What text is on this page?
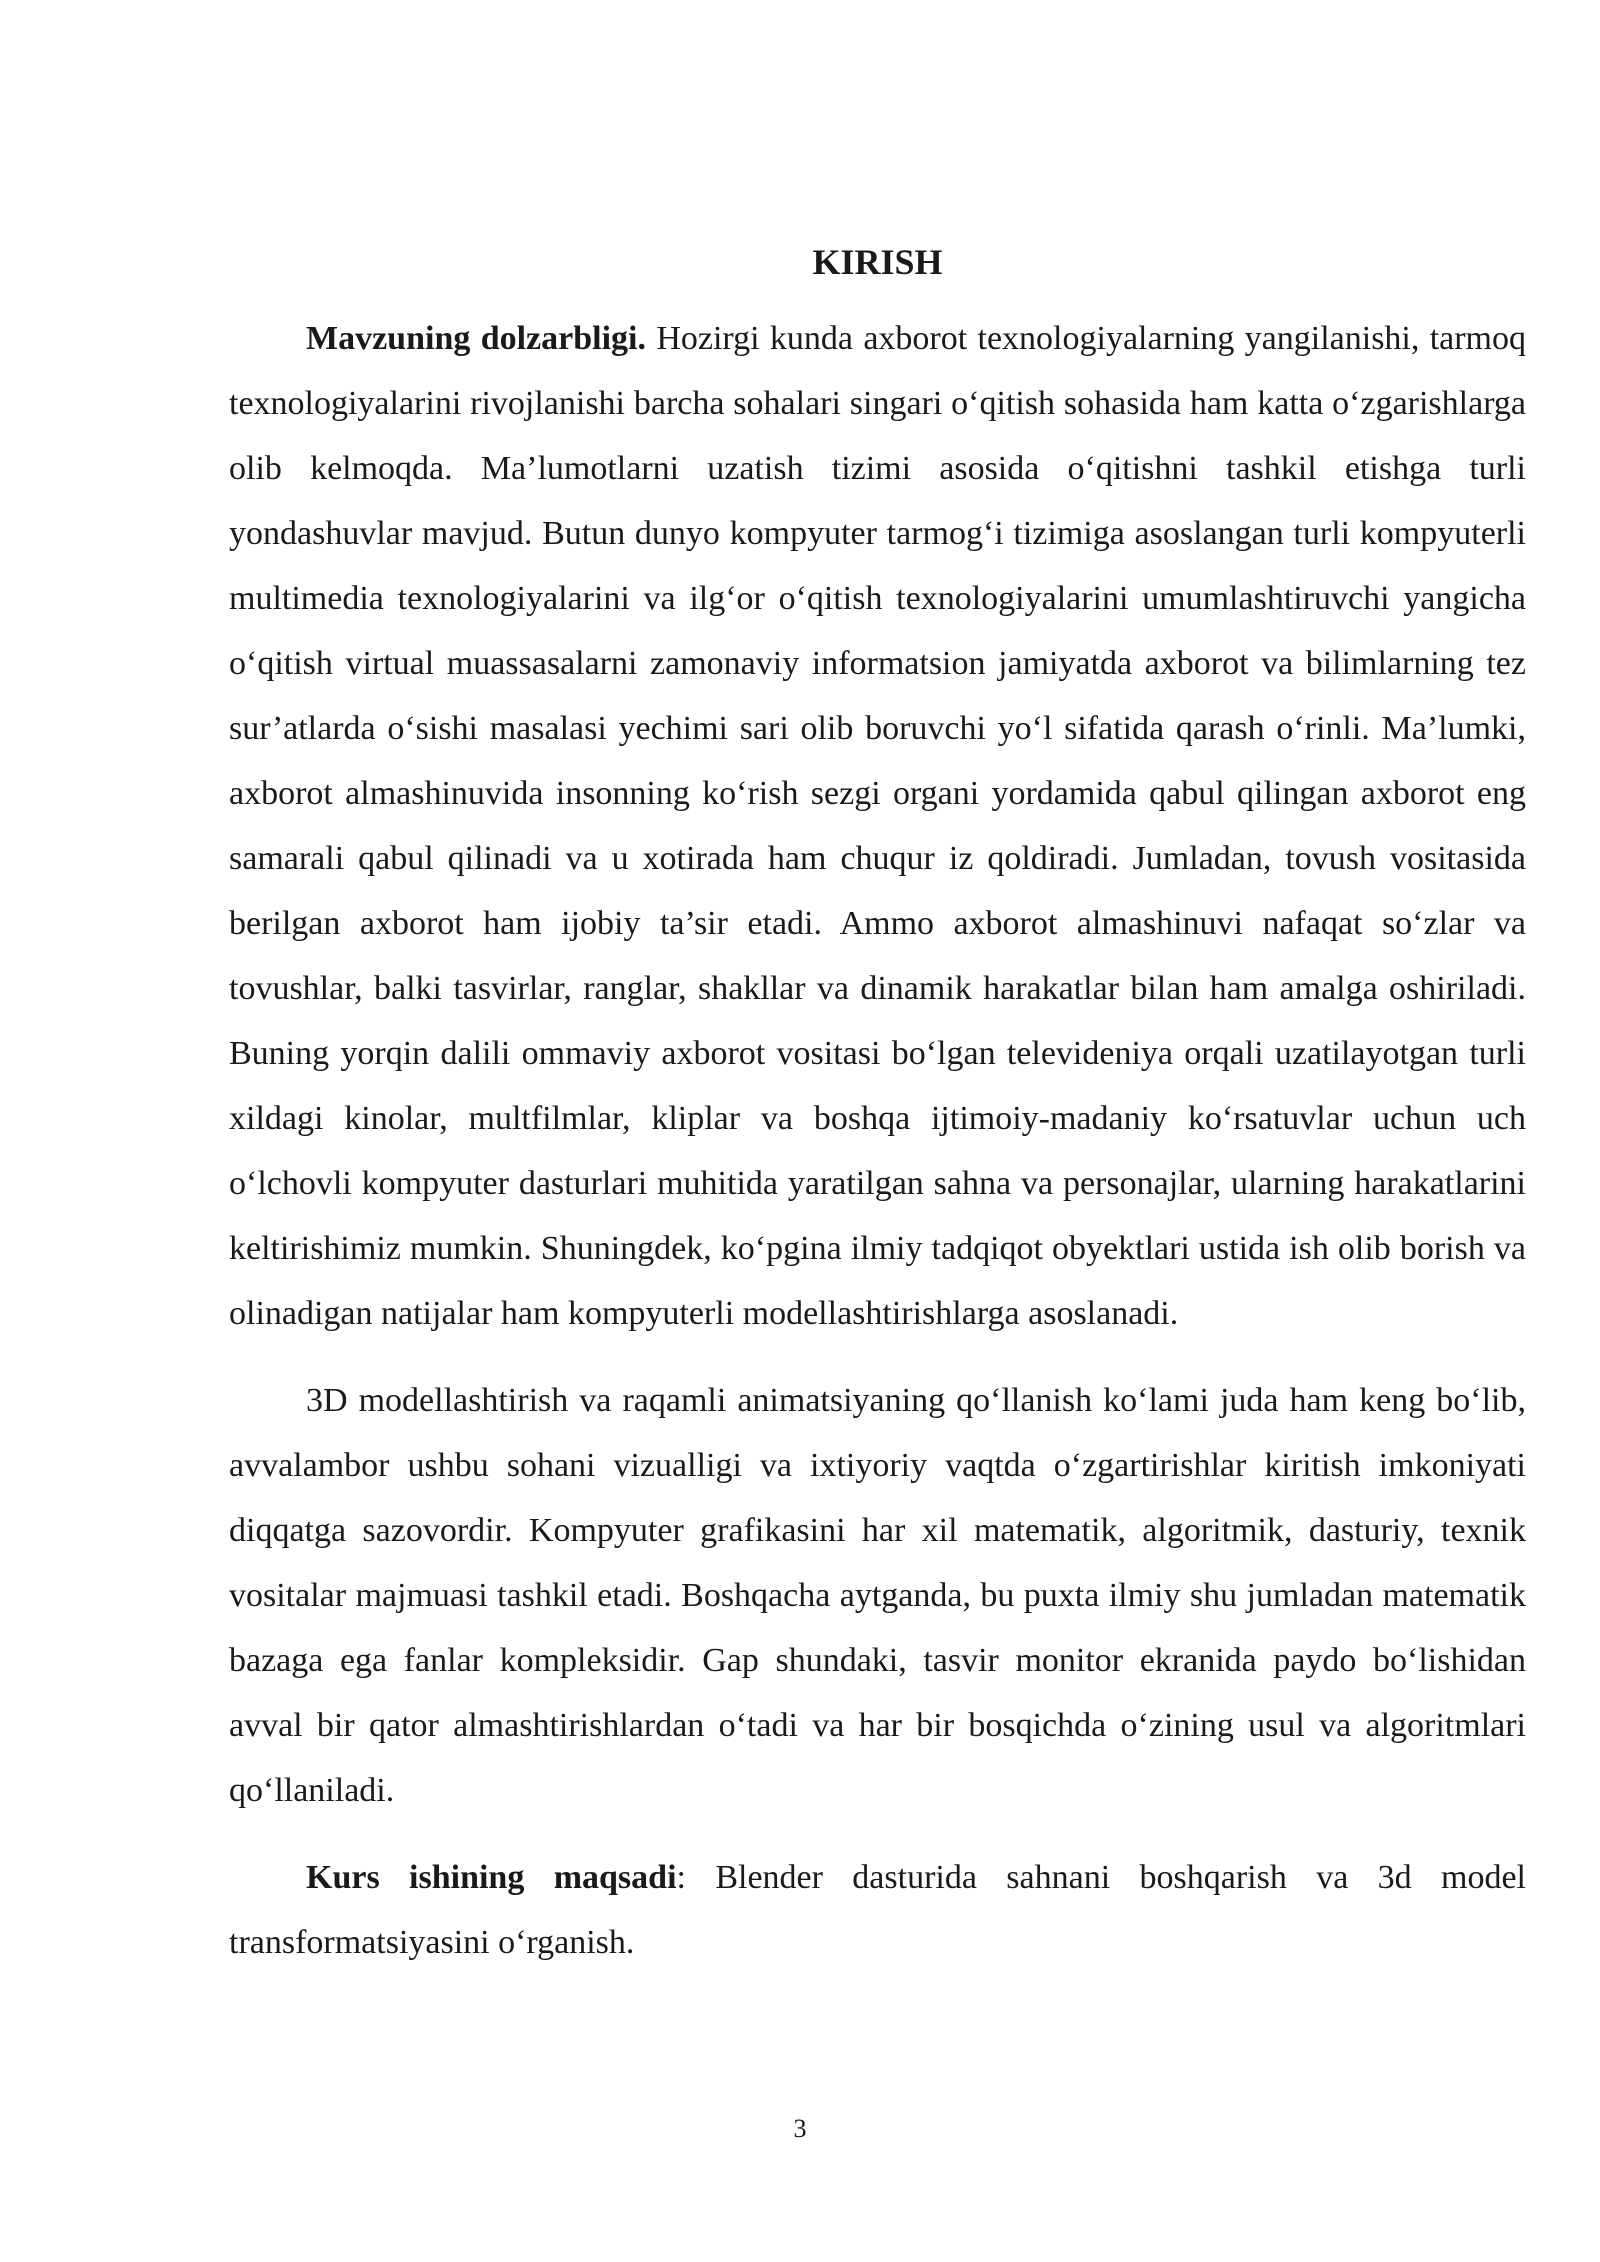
KIRISH

Mavzuning dolzarbligi. Hozirgi kunda axborot texnologiyalarning yangilanishi, tarmoq texnologiyalarini rivojlanishi barcha sohalari singari o‘qitish sohasida ham katta o‘zgarishlarga olib kelmoqda. Ma’lumotlarni uzatish tizimi asosida o‘qitishni tashkil etishga turli yondashuvlar mavjud. Butun dunyo kompyuter tarmog‘i tizimiga asoslangan turli kompyuterli multimedia texnologiyalarini va ilg‘or o‘qitish texnologiyalarini umumlashtiruvchi yangicha o‘qitish virtual muassasalarni zamonaviy informatsion jamiyatda axborot va bilimlarning tez sur’atlarda o‘sishi masalasi yechimi sari olib boruvchi yo‘l sifatida qarash o‘rinli. Ma’lumki, axborot almashinuvida insonning ko‘rish sezgi organi yordamida qabul qilingan axborot eng samarali qabul qilinadi va u xotirada ham chuqur iz qoldiradi. Jumladan, tovush vositasida berilgan axborot ham ijobiy ta’sir etadi. Ammo axborot almashinuvi nafaqat so‘zlar va tovushlar, balki tasvirlar, ranglar, shakllar va dinamik harakatlar bilan ham amalga oshiriladi. Buning yorqin dalili ommaviy axborot vositasi bo‘lgan televideniya orqali uzatilayotgan turli xildagi kinolar, multfilmlar, kliplar va boshqa ijtimoiy-madaniy ko‘rsatuvlar uchun uch o‘lchovli kompyuter dasturlari muhitida yaratilgan sahna va personajlar, ularning harakatlarini keltirishimiz mumkin. Shuningdek, ko‘pgina ilmiy tadqiqot obyektlari ustida ish olib borish va olinadigan natijalar ham kompyuterli modellashtirishlarga asoslanadi.

3D modellashtirish va raqamli animatsiyaning qo‘llanish ko‘lami juda ham keng bo‘lib, avvalambor ushbu sohani vizualligi va ixtiyoriy vaqtda o‘zgartirishlar kiritish imkoniyati diqqatga sazovordir. Kompyuter grafikasini har xil matematik, algoritmik, dasturiy, texnik vositalar majmuasi tashkil etadi. Boshqacha aytganda, bu puxta ilmiy shu jumladan matematik bazaga ega fanlar kompleksidir. Gap shundaki, tasvir monitor ekranida paydo bo‘lishidan avval bir qator almashtirishlardan o‘tadi va har bir bosqichda o‘zining usul va algoritmlari qo‘llaniladi.

Kurs ishining maqsadi: Blender dasturida sahnani boshqarish va 3d model transformatsiyasini o‘rganish.

3
